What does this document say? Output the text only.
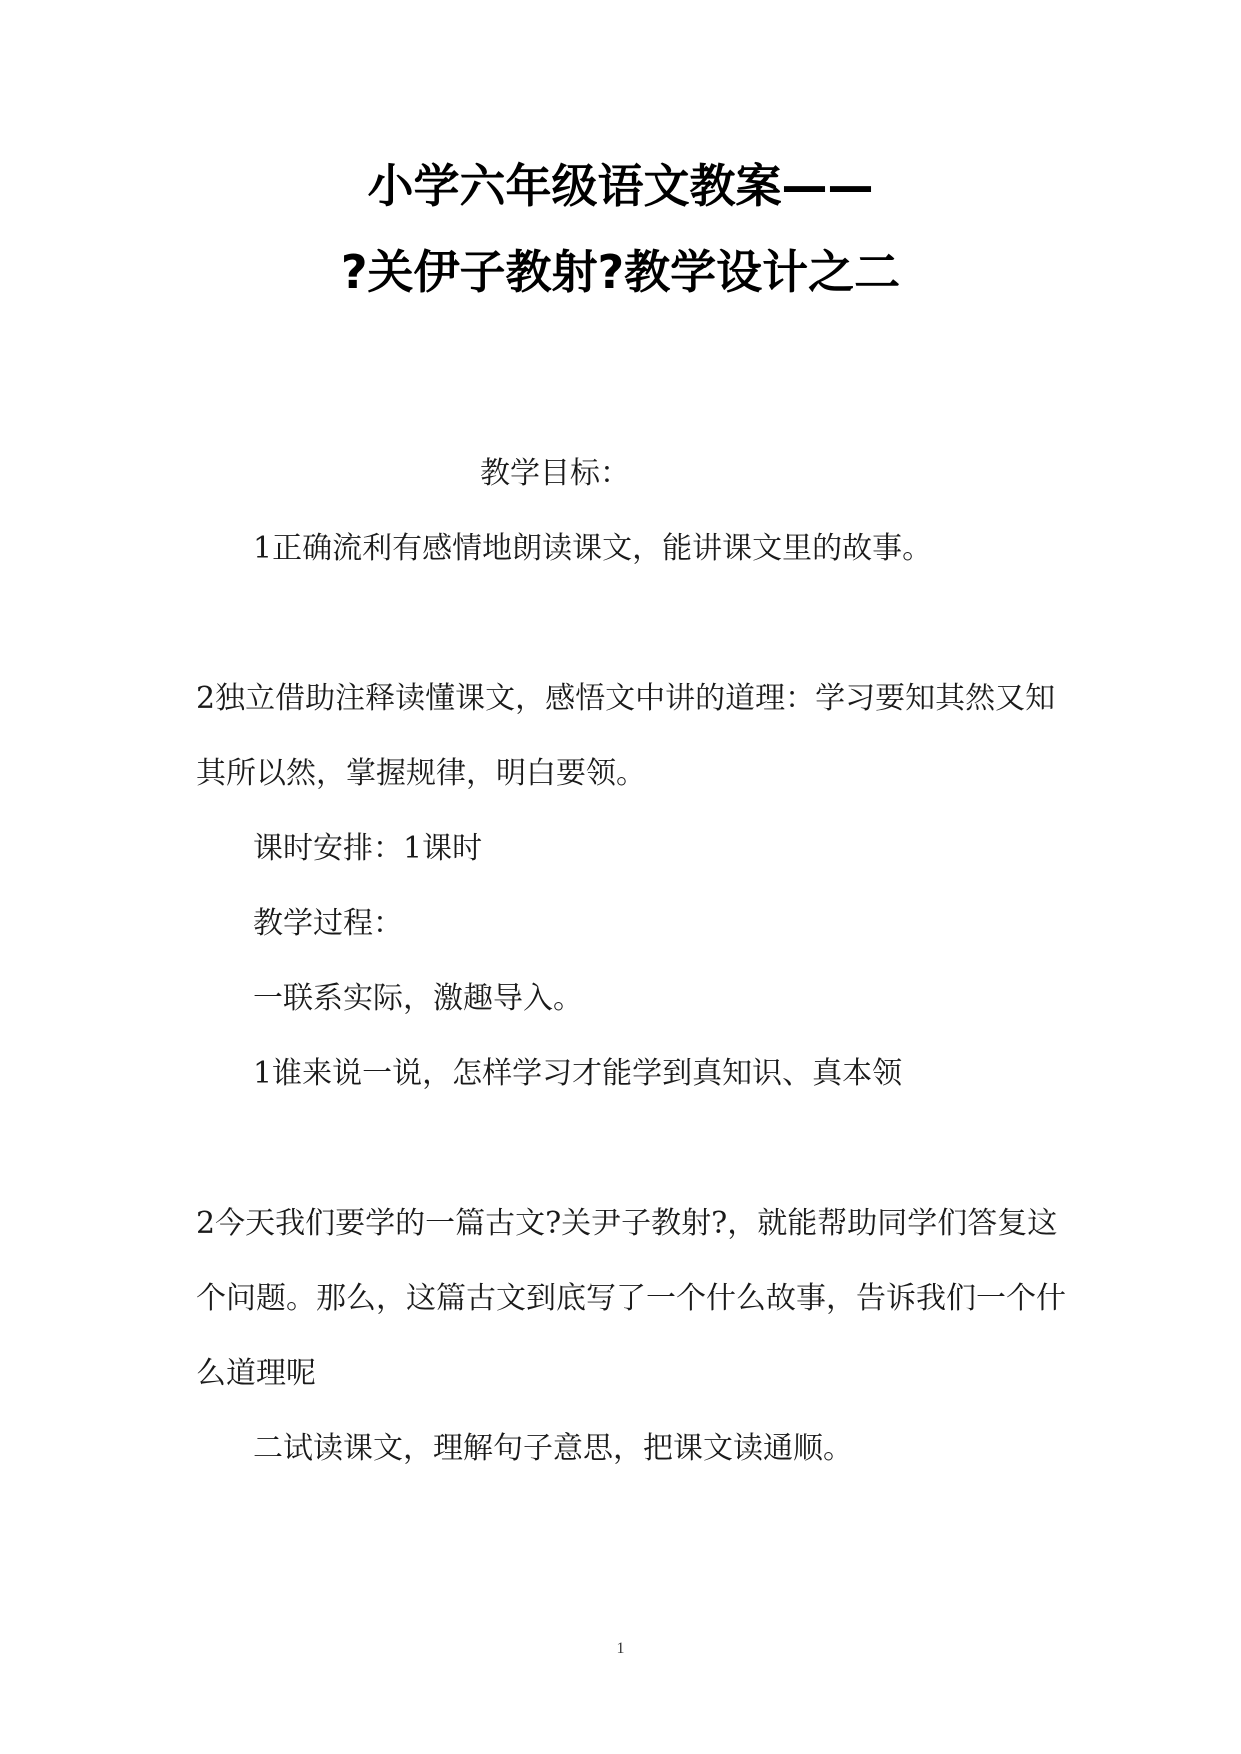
小学六年级语文教案——
?关伊子教射?教学设计之二
教学目标：
1正确流利有感情地朗读课文，能讲课文里的故事。
2独立借助注释读懂课文，感悟文中讲的道理：学习要知其然又知
其所以然，掌握规律，明白要领。
课时安排：1课时
教学过程：
一联系实际，激趣导入。
1谁来说一说，怎样学习才能学到真知识、真本领
2今天我们要学的一篇古文?关尹子教射?，就能帮助同学们答复这
个问题。那么，这篇古文到底写了一个什么故事，告诉我们一个什
么道理呢
二试读课文，理解句子意思，把课文读通顺。
1
